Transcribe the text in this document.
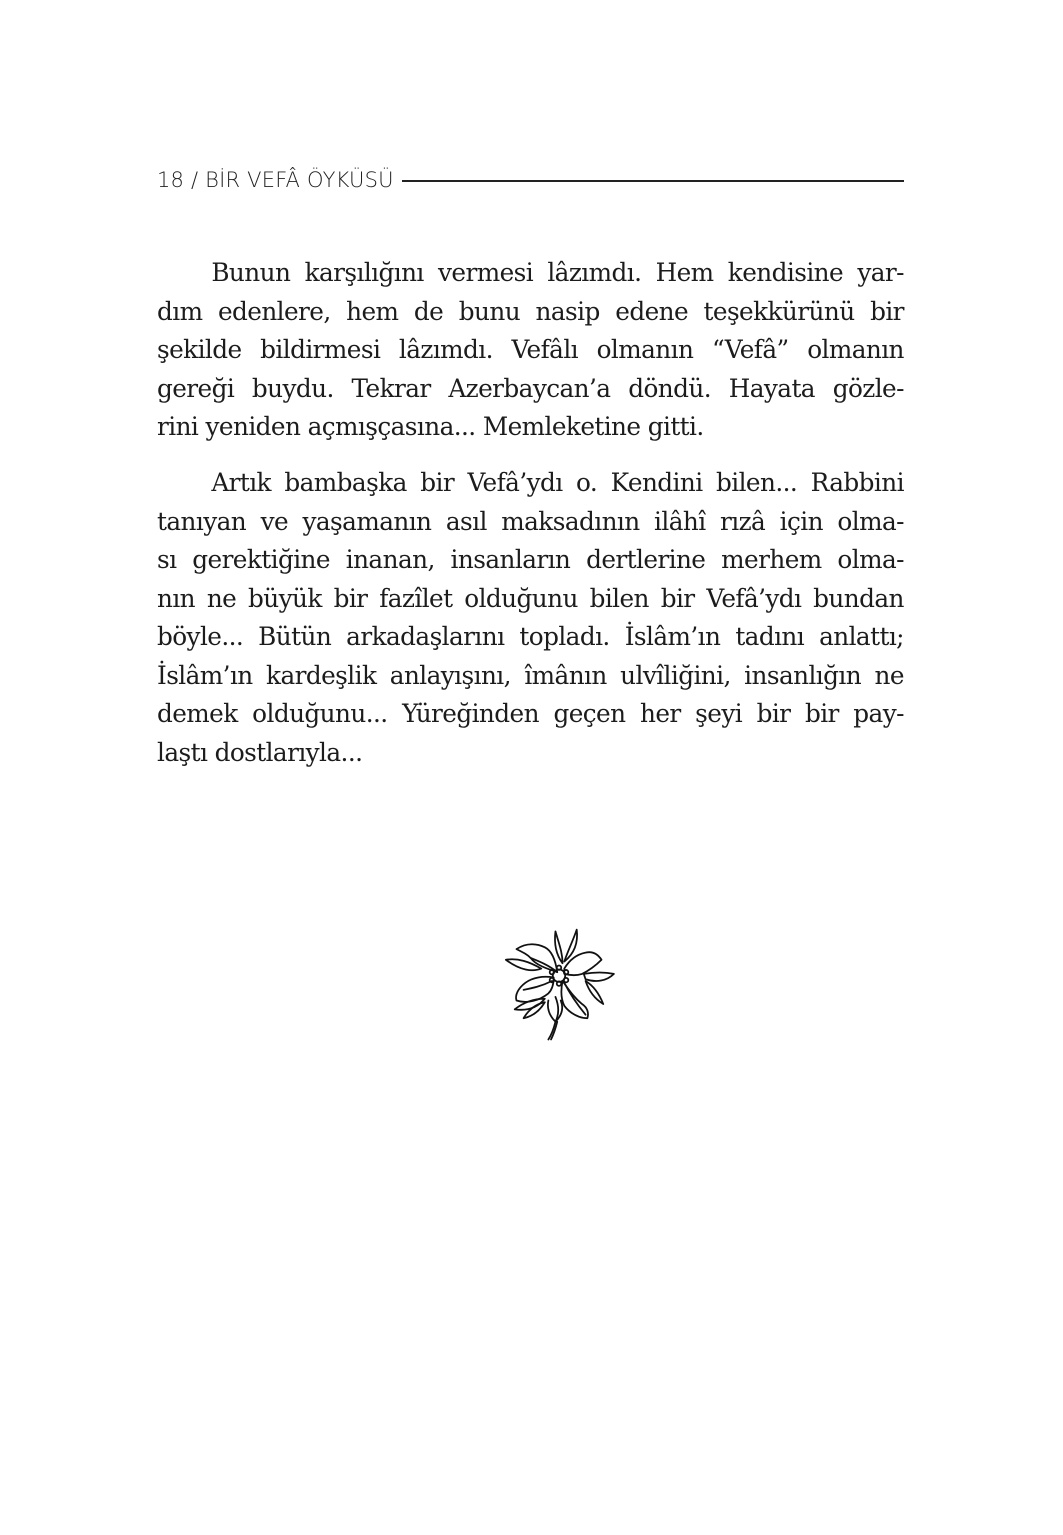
18 / BİR VEFÂ ÖYKÜSÜ
Bunun karşılığını vermesi lâzımdı. Hem kendisine yar-
dım edenlere, hem de bunu nasip edene teşekkürünü bir
şekilde bildirmesi lâzımdı. Vefâlı olmanın “Vefâ” olmanın
gereği buydu. Tekrar Azerbaycan’a döndü. Hayata gözle-
rini yeniden açmışçasına... Memleketine gitti.
Artık bambaşka bir Vefâ’ydı o. Kendini bilen... Rabbini
tanıyan ve yaşamanın asıl maksadının ilâhî rızâ için olma-
sı gerektiğine inanan, insanların dertlerine merhem olma-
nın ne büyük bir fazîlet olduğunu bilen bir Vefâ’ydı bundan
böyle... Bütün arkadaşlarını topladı. İslâm’ın tadını anlattı;
İslâm’ın kardeşlik anlayışını, îmânın ulvîliğini, insanlığın ne
demek olduğunu... Yüreğinden geçen her şeyi bir bir pay-
laştı dostlarıyla...
